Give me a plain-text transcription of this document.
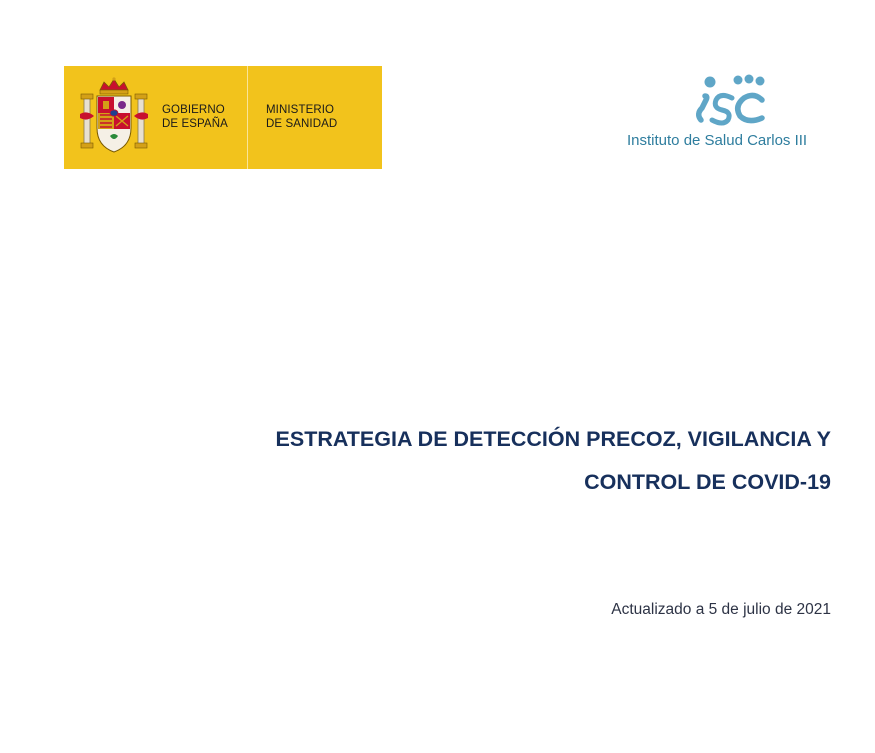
GOBIERNO
DE ESPAÑA
MINISTERIO
DE SANIDAD
Instituto de Salud Carlos III
ESTRATEGIA DE DETECCIÓN PRECOZ, VIGILANCIA Y
CONTROL DE COVID-19
Actualizado a 5 de julio de 2021
